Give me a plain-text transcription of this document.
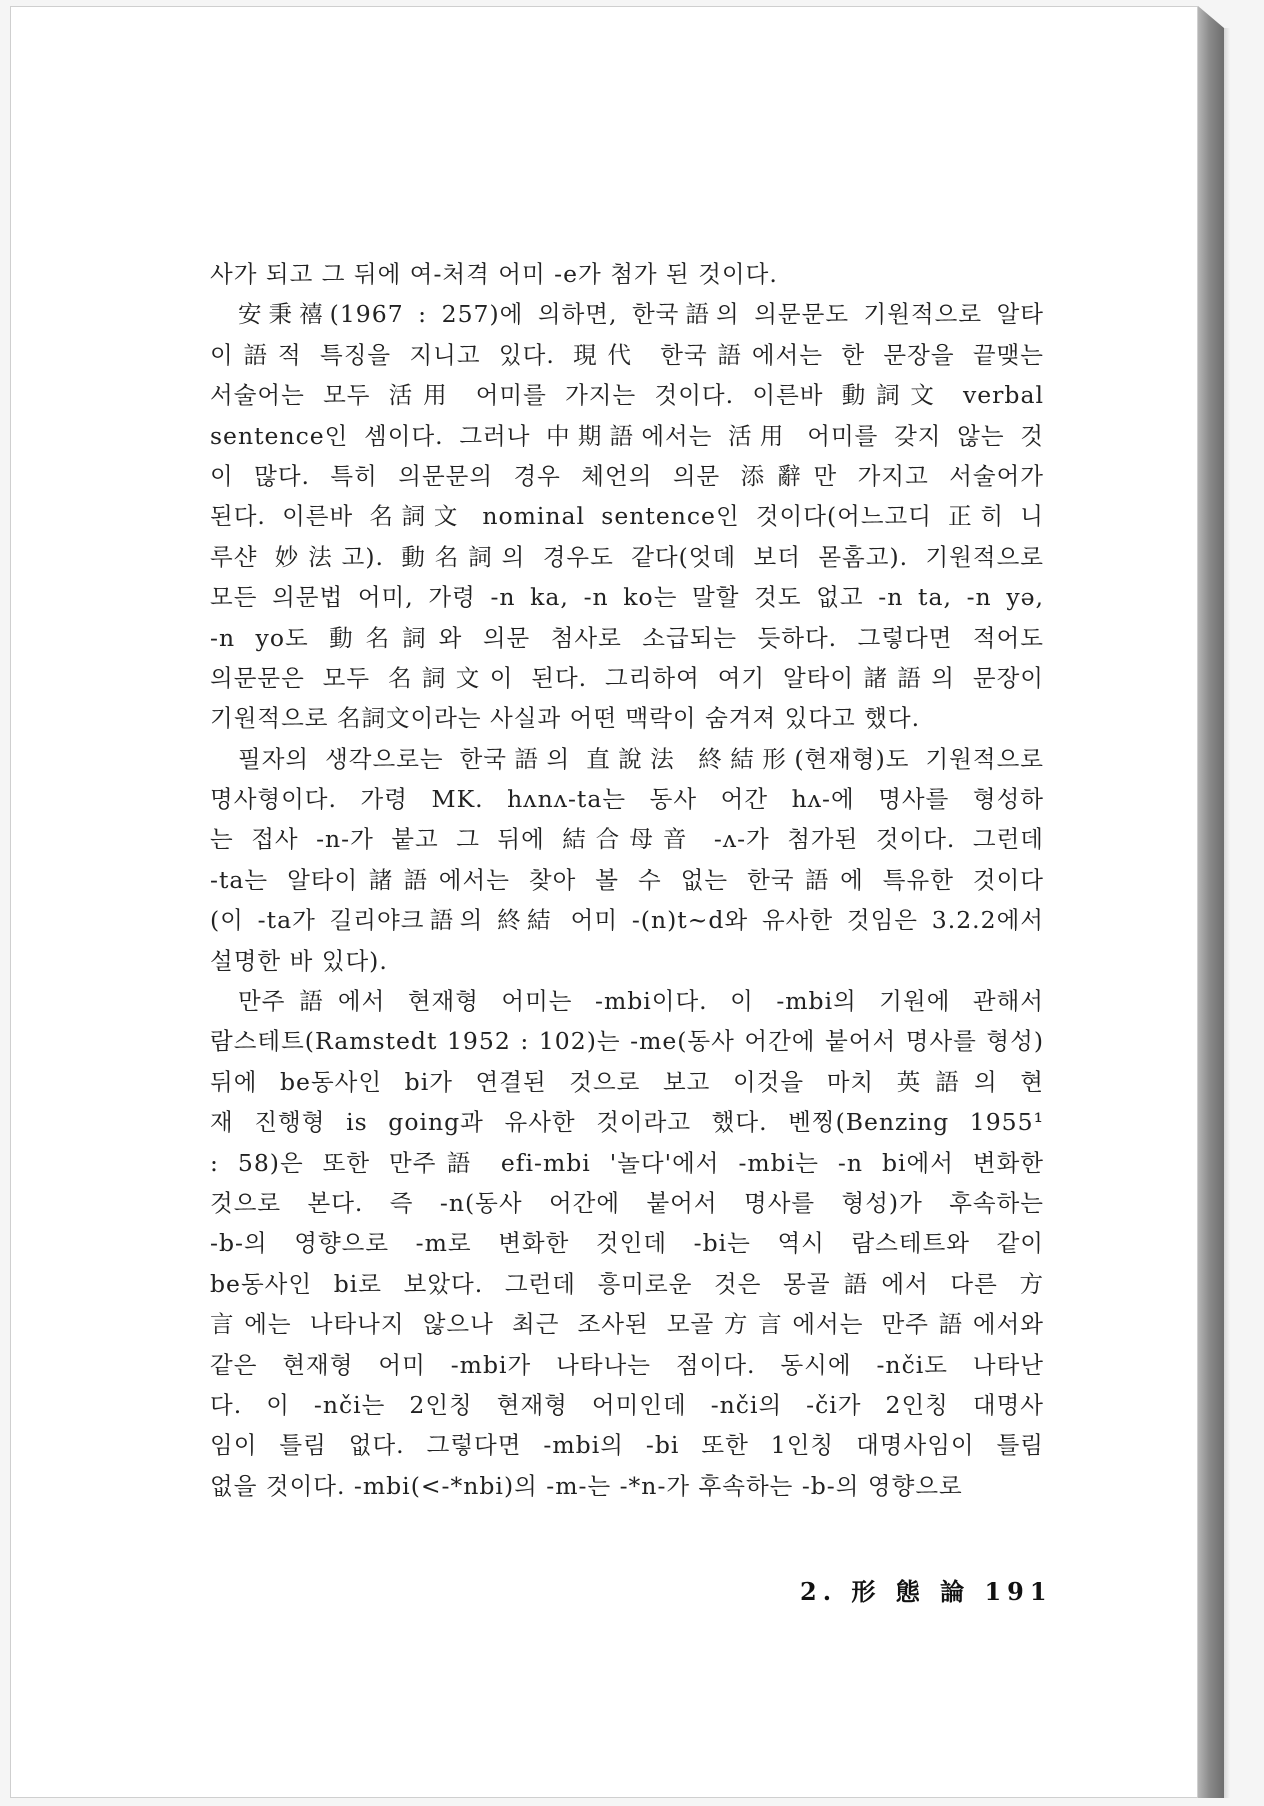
사가 되고 그 뒤에 여-처격 어미 -e가 첨가 된 것이다.
安秉禧(1967 : 257)에 의하면, 한국語의 의문문도 기원적으로 알타
이語적 특징을 지니고 있다. 現代 한국語에서는 한 문장을 끝맺는
서술어는 모두 活用 어미를 가지는 것이다. 이른바 動詞文 verbal
sentence인 셈이다. 그러나 中期語에서는 活用 어미를 갖지 않는 것
이 많다. 특히 의문문의 경우 체언의 의문 添辭만 가지고 서술어가
된다. 이른바 名詞文 nominal sentence인 것이다(어느고디 正히 니
루샨 妙法고). 動名詞의 경우도 같다(엇뎨 보더 몯홈고). 기원적으로
모든 의문법 어미, 가령 -n ka, -n ko는 말할 것도 없고 -n ta, -n yə,
-n yo도 動名詞와 의문 첨사로 소급되는 듯하다. 그렇다면 적어도
의문문은 모두 名詞文이 된다. 그리하여 여기 알타이諸語의 문장이
기원적으로 名詞文이라는 사실과 어떤 맥락이 숨겨져 있다고 했다.
필자의 생각으로는 한국語의 直說法 終結形(현재형)도 기원적으로
명사형이다. 가령 MK. hʌnʌ-ta는 동사 어간 hʌ-에 명사를 형성하
는 접사 -n-가 붙고 그 뒤에 結合母音 -ʌ-가 첨가된 것이다. 그런데
-ta는 알타이諸語에서는 찾아 볼 수 없는 한국語에 특유한 것이다
(이 -ta가 길리야크語의 終結 어미 -(n)t~d와 유사한 것임은 3.2.2에서
설명한 바 있다).
만주語에서 현재형 어미는 -mbi이다. 이 -mbi의 기원에 관해서
람스테트(Ramstedt 1952 : 102)는 -me(동사 어간에 붙어서 명사를 형성)
뒤에 be동사인 bi가 연결된 것으로 보고 이것을 마치 英語의 현
재 진행형 is going과 유사한 것이라고 했다. 벤찡(Benzing 1955¹
: 58)은 또한 만주語 efi-mbi '놀다'에서 -mbi는 -n bi에서 변화한
것으로 본다. 즉 -n(동사 어간에 붙어서 명사를 형성)가 후속하는
-b-의 영향으로 -m로 변화한 것인데 -bi는 역시 람스테트와 같이
be동사인 bi로 보았다. 그런데 흥미로운 것은 몽골語에서 다른 方
言에는 나타나지 않으나 최근 조사된 모골方言에서는 만주語에서와
같은 현재형 어미 -mbi가 나타나는 점이다. 동시에 -nči도 나타난
다. 이 -nči는 2인칭 현재형 어미인데 -nči의 -či가 2인칭 대명사
임이 틀림 없다. 그렇다면 -mbi의 -bi 또한 1인칭 대명사임이 틀림
없을 것이다. -mbi(<-*nbi)의 -m-는 -*n-가 후속하는 -b-의 영향으로
2. 形 態 論 191
